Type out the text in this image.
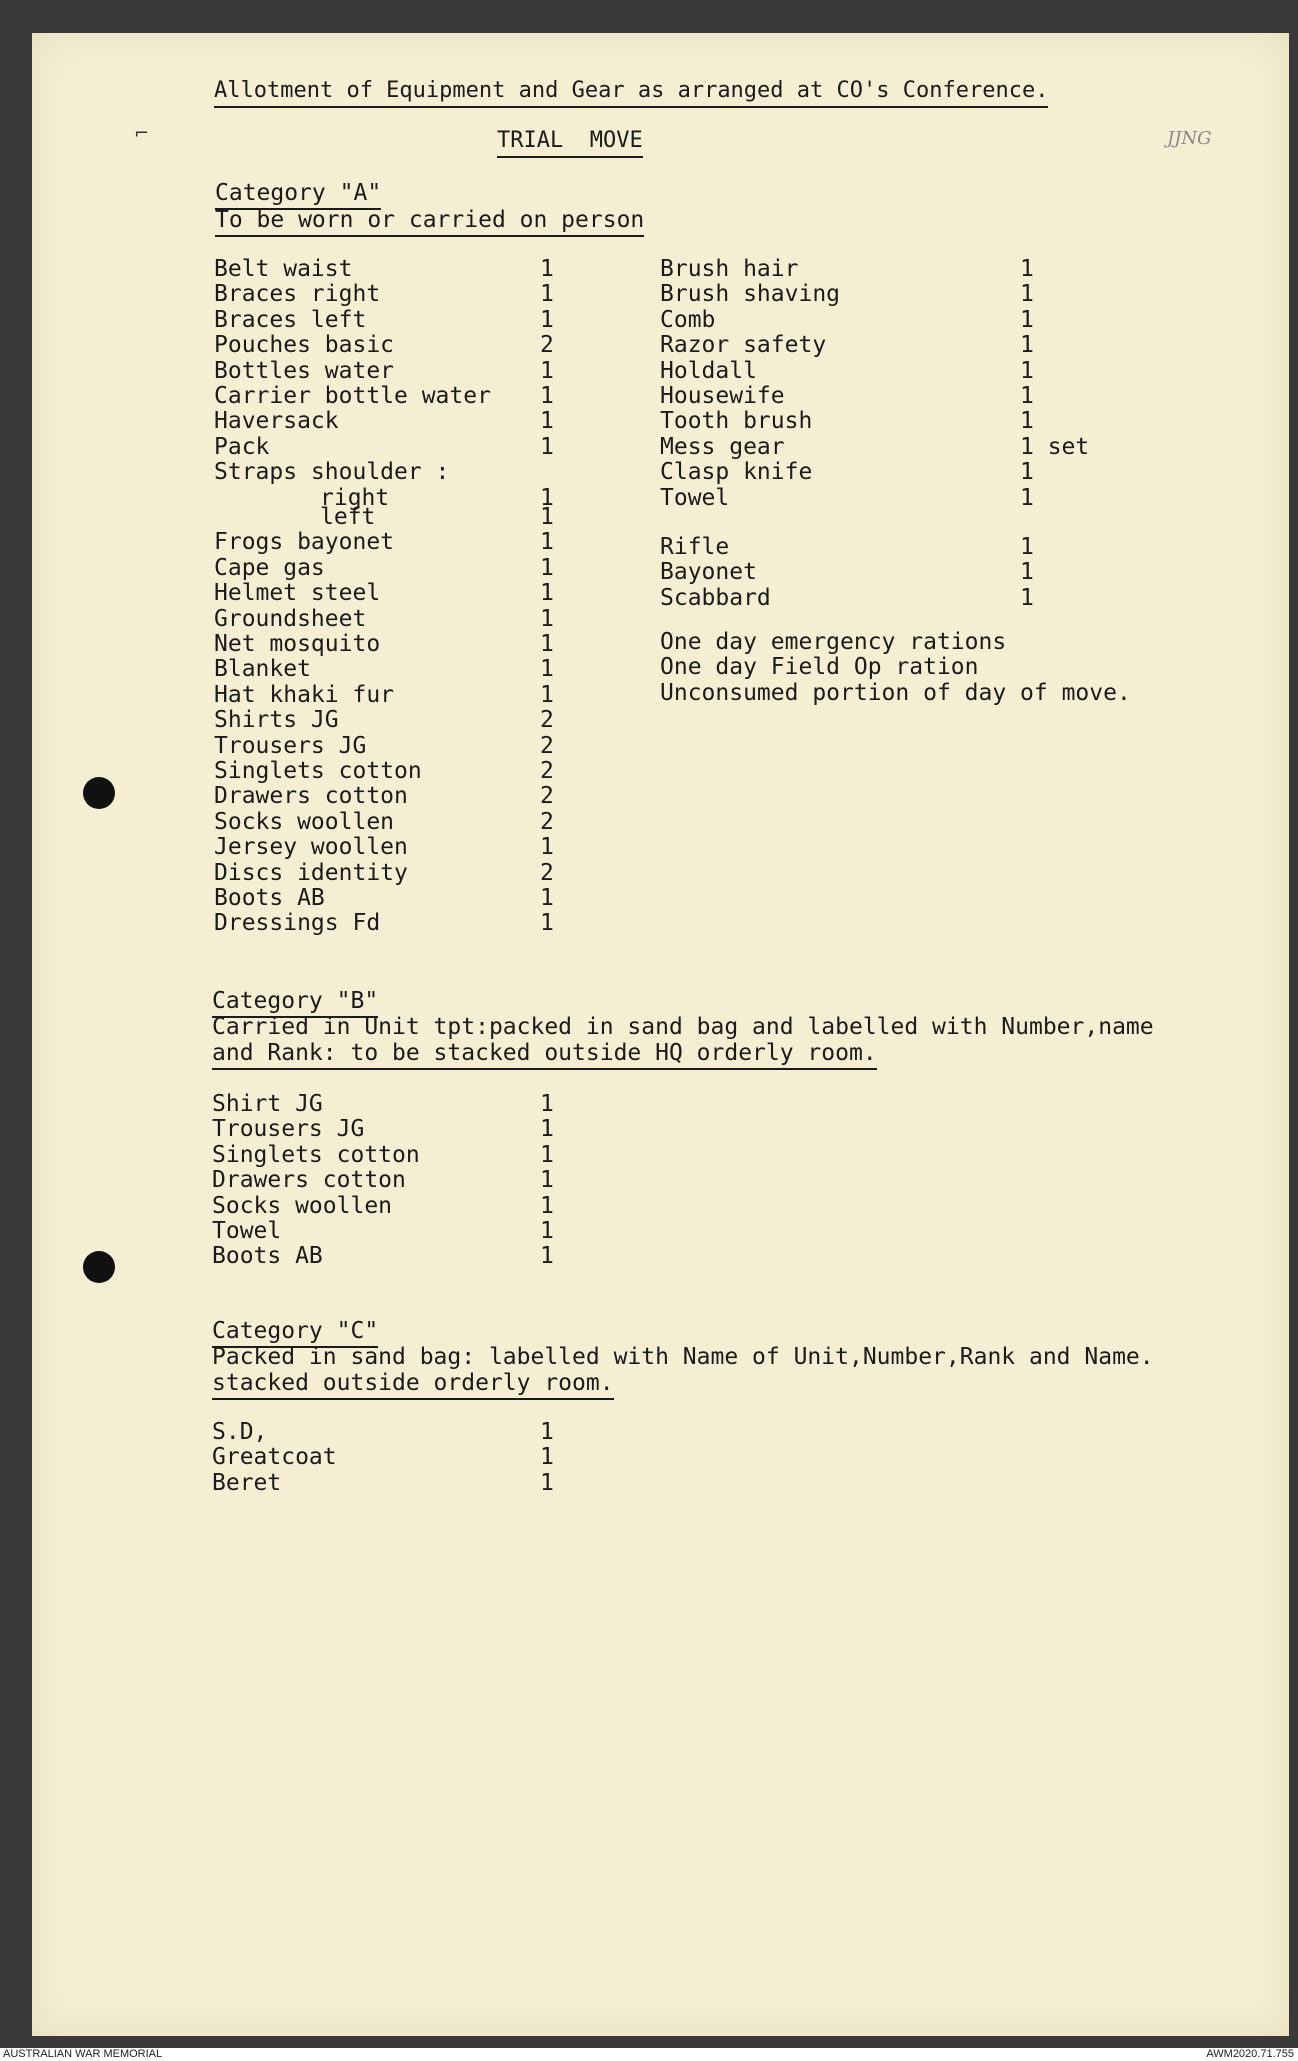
Allotment of Equipment and Gear as arranged at CO's Conference.
TRIAL  MOVE	JJNG
⌐
Category "A"
To be worn or carried on person
Belt waist	1
Braces right	1
Braces left	1
Pouches basic	2
Bottles water	1
Carrier bottle water 1
Haversack	1
Pack	1
Straps shoulder :
right	1
left	1
Frogs bayonet	1
Cape gas	1
Helmet steel	1
Groundsheet	1
Net mosquito	1
Blanket	1
Hat khaki fur	1
Shirts JG	2
Trousers JG	2
Singlets cotton	2
Drawers cotton	2
Socks woollen	2
Jersey woollen	1
Discs identity	2
Boots AB	1
Dressings Fd	1
Brush hair	1
Brush shaving	1
Comb	1
Razor safety	1
Holdall	1
Housewife	1
Tooth brush	1
Mess gear	1 set
Clasp knife	1
Towel	1
Rifle	1
Bayonet	1
Scabbard	1
One day emergency rations
One day Field Op ration
Unconsumed portion of day of move.
Category "B"
Carried in Unit tpt:packed in sand bag and labelled with Number,name
and Rank: to be stacked outside HQ orderly room.
Shirt JG	1
Trousers JG	1
Singlets cotton	1
Drawers cotton	1
Socks woollen	1
Towel	1
Boots AB	1
Category "C"
Packed in sand bag: labelled with Name of Unit,Number,Rank and Name.
stacked outside orderly room.
S.D,	1
Greatcoat	1
Beret	1
AUSTRALIAN WAR MEMORIAL	AWM2020.71.755
